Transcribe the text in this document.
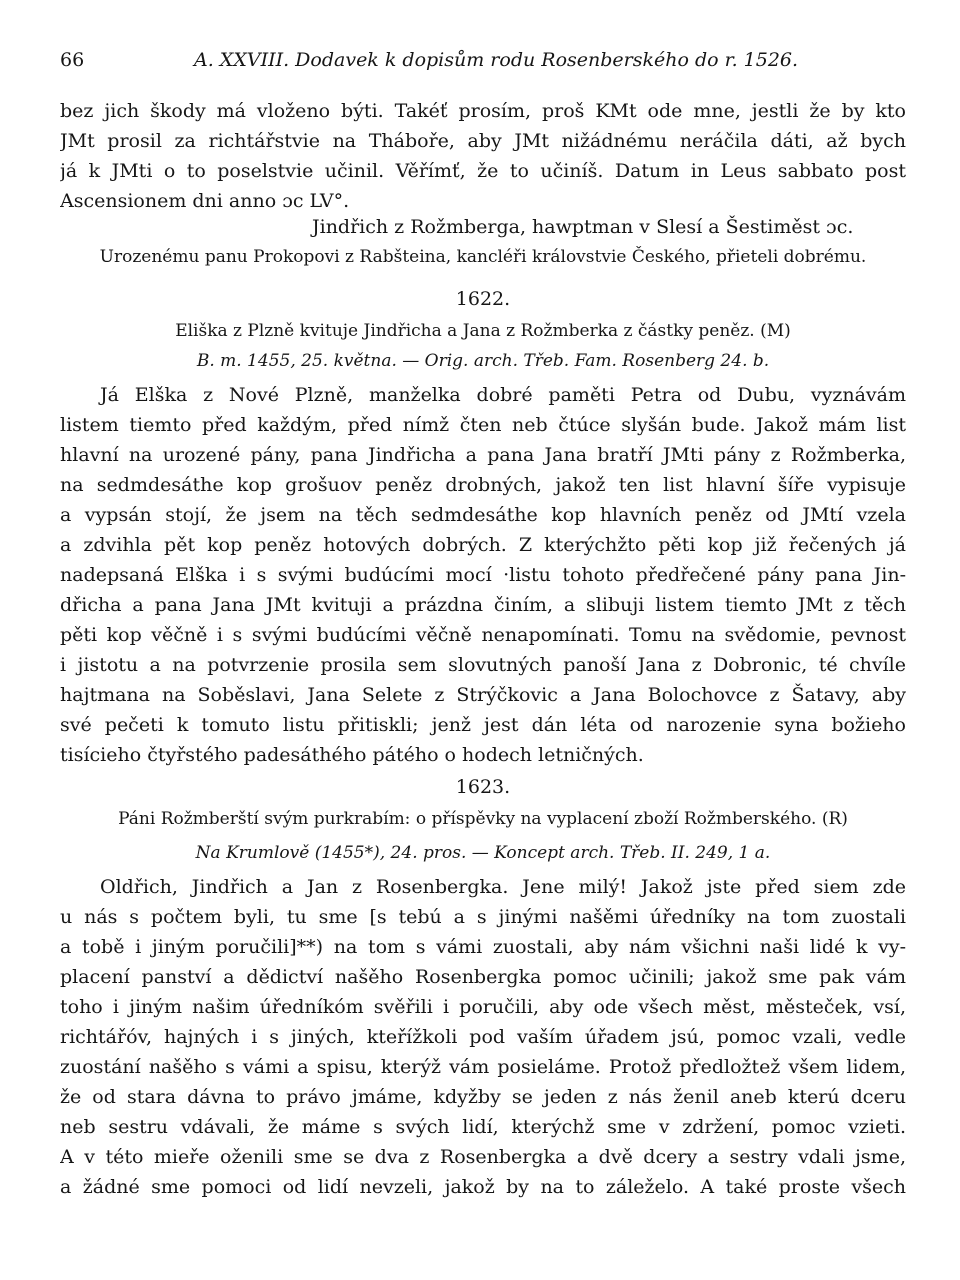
66	A. XXVIII. Dodavek k dopisům rodu Rosenberského do r. 1526.
bez jich škody má vloženo býti. Takéť prosím, proš KMt ode mne, jestli že by kto
JMt prosil za richtářstvie na Tháboře, aby JMt nižádnému neráčila dáti, až bych
já k JMti o to poselstvie učinil. Věřímť, že to učiníš. Datum in Leus sabbato post
Ascensionem dni anno ɔc LV°.
Jindřich z Rožmberga, hawptman v Slesí a Šestiměst ɔc.
Urozenému panu Prokopovi z Rabšteina, kancléři královstvie Českého, přieteli dobrému.
1622.
Eliška z Plzně kvituje Jindřicha a Jana z Rožmberka z částky peněz. (M)
B. m. 1455, 25. května. — Orig. arch. Třeb. Fam. Rosenberg 24. b.
Já Elška z Nové Plzně, manželka dobré paměti Petra od Dubu, vyznávám
listem tiemto před každým, před nímž čten neb čtúce slyšán bude. Jakož mám list
hlavní na urozené pány, pana Jindřicha a pana Jana bratří JMti pány z Rožmberka,
na sedmdesáthe kop grošuov peněz drobných, jakož ten list hlavní šíře vypisuje
a vypsán stojí, že jsem na těch sedmdesáthe kop hlavních peněz od JMtí vzela
a zdvihla pět kop peněz hotových dobrých. Z kterýchžto pěti kop již řečených já
nadepsaná Elška i s svými budúcími mocí ·listu tohoto předřečené pány pana Jin-
dřicha a pana Jana JMt kvituji a prázdna činím, a slibuji listem tiemto JMt z těch
pěti kop věčně i s svými budúcími věčně nenapomínati. Tomu na svědomie, pevnost
i jistotu a na potvrzenie prosila sem slovutných panoší Jana z Dobronic, té chvíle
hajtmana na Soběslavi, Jana Selete z Strýčkovic a Jana Bolochovce z Šatavy, aby
své pečeti k tomuto listu přitiskli; jenž jest dán léta od narozenie syna božieho
tisícieho čtyřstého padesáthého pátého o hodech letničných.
1623.
Páni Rožmberští svým purkrabím: o příspěvky na vyplacení zboží Rožmberského. (R)
Na Krumlově (1455*), 24. pros. — Koncept arch. Třeb. II. 249, 1 a.
Oldřich, Jindřich a Jan z Rosenbergka. Jene milý! Jakož jste před siem zde
u nás s počtem byli, tu sme [s tebú a s jinými našěmi úředníky na tom zuostali
a tobě i jiným poručili]**) na tom s vámi zuostali, aby nám všichni naši lidé k vy-
placení panství a dědictví našěho Rosenbergka pomoc učinili; jakož sme pak vám
toho i jiným našim úředníkóm svěřili i poručili, aby ode všech měst, městeček, vsí,
richtářóv, hajných i s jiných, kteřížkoli pod vaším úřadem jsú, pomoc vzali, vedle
zuostání našěho s vámi a spisu, kterýž vám posieláme. Protož předložtež všem lidem,
že od stara dávna to právo jmáme, kdyžby se jeden z nás ženil aneb kterú dceru
neb sestru vdávali, že máme s svých lidí, kterýchž sme v zdržení, pomoc vzieti.
A v této mieře oženili sme se dva z Rosenbergka a dvě dcery a sestry vdali jsme,
a žádné sme pomoci od lidí nevzeli, jakož by na to záleželo. A také proste všech
